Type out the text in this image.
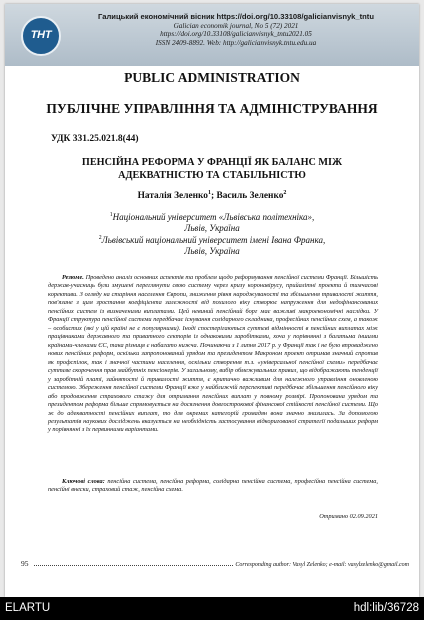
ТНТ
Галицький економічний вісник https://doi.org/10.33108/galicianvisnyk_tntu
Galician economik journal, No 5 (72) 2021
https://doi.org/10.33108/galicianvisnyk_tntu2021.05
ISSN 2409-8892. Web: http://galicianvisnyk.tntu.edu.ua
PUBLIC ADMINISTRATION
ПУБЛІЧНЕ УПРАВЛІННЯ ТА АДМІНІСТРУВАННЯ
УДК 331.25.021.8(44)
ПЕНСІЙНА РЕФОРМА У ФРАНЦІЇ ЯК БАЛАНС МІЖ
АДЕКВАТНІСТЮ ТА СТАБІЛЬНІСТЮ
Наталія Зеленко$^1$; Василь Зеленко$^2$
$^1$Національний університет «Львівська політехніка»,
Львів, Україна
$^2$Львівський національний університет імені Івана Франка,
Львів, Україна
Резюме. Проведено аналіз основних аспектів та проблем щодо реформування пенсійної системи Франції. Більшість держав-учасниць були змушені переглянути свою систему через кризу коронавірусу, прийалітні проекти й тимчасові корективи. З огляду на старіння населення Європи, зниження рівня народжуваності та збільшення тривалості життя, пов'язане з цим зростання коефіцієнта залежності від похилого віку створює напруження для недофінансованих пенсійних систем із визначеними виплатами. Цей невиний пенсійний борг має важливі макроекономічні наслідки. У Франції структура пенсійної системи передбачає існування солідарного складника, професійних пенсійних схем, а також – особистих (які у цій країні не є популярними). Іноді спостерігаються суттєві відмінності в пенсійних виплатах між працівниками державного та приватного секторів із однаковими заробітками, хоча у порівнянні з багатьма іншими країнами-членами ЄС, така різниця є набагато нижча. Починаючи з 1 липня 2017 р. у Франції так і не було впроваджено нових пенсійних реформ, оскільки запропонований урядом та президентом Макроном проект отримав значний спротив як профспілок, так і значної частини населення, оскільки створення т.з. «універсальної пенсійної схеми» передбачає суттєве скорочення прав майбутніх пенсіонерів. У загальному, вибір обмежувальних правил, що відображають тенденції у заробітній платі, зайнятості й тривалості життя, є критично важливим для належного управління оновленою системою. Збереження пенсійної системи Франції вже у найближчій перспективі передбачає збільшення пенсійного віку або продовження страхового стажу для отримання пенсійних виплат у повному розмірі. Пропонована урядом та президентом реформа більше спрямовується на досягнення довгострокової фінансової стійкості пенсійної системи. Що ж до адекватності пенсійних виплат, то для окремих категорій громадян вона значно знизилась. За допомогою результатів наукових досліджень вказується на необхідність застосування відкоригованої стратегії подальших реформ у порівнянні з їх первинними варіантами.
Ключові слова: пенсійна система, пенсійна реформа, солідарна пенсійна система, професійна пенсійна система, пенсійні внески, страховий стаж, пенсійна схема.
Отримано 02.09.2021
95	Corresponding author: Vasyl Zelenko; e-mail: vasylzelenko@gmail.com
ELARTU	hdl:lib/36728
